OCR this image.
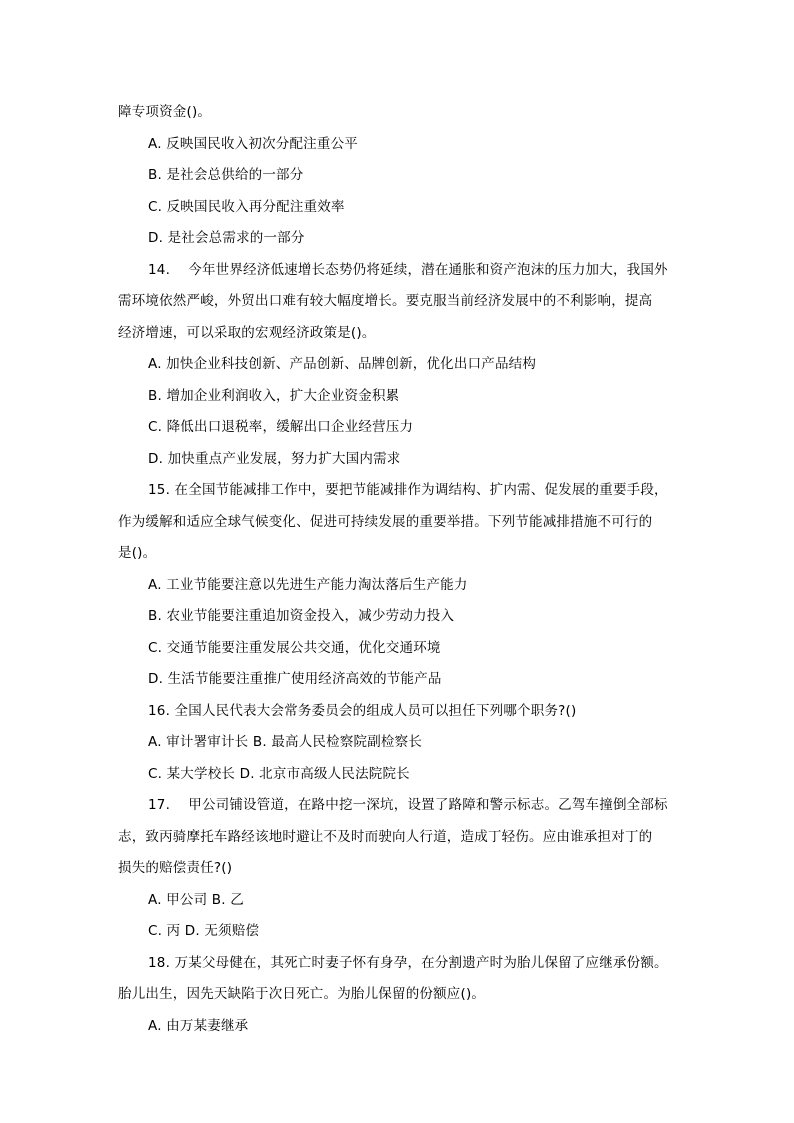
障专项资金()。
A. 反映国民收入初次分配注重公平
B. 是社会总供给的一部分
C. 反映国民收入再分配注重效率
D. 是社会总需求的一部分
14.　 今年世界经济低速增长态势仍将延续，潜在通胀和资产泡沫的压力加大，我国外
需环境依然严峻，外贸出口难有较大幅度增长。要克服当前经济发展中的不利影响，提高
经济增速，可以采取的宏观经济政策是()。
A. 加快企业科技创新、产品创新、品牌创新，优化出口产品结构
B. 增加企业利润收入，扩大企业资金积累
C. 降低出口退税率，缓解出口企业经营压力
D. 加快重点产业发展，努力扩大国内需求
15. 在全国节能减排工作中，要把节能减排作为调结构、扩内需、促发展的重要手段，
作为缓解和适应全球气候变化、促进可持续发展的重要举措。下列节能减排措施不可行的
是()。
A. 工业节能要注意以先进生产能力淘汰落后生产能力
B. 农业节能要注重追加资金投入，减少劳动力投入
C. 交通节能要注重发展公共交通，优化交通环境
D. 生活节能要注重推广使用经济高效的节能产品
16. 全国人民代表大会常务委员会的组成人员可以担任下列哪个职务?()
A. 审计署审计长 B. 最高人民检察院副检察长
C. 某大学校长 D. 北京市高级人民法院院长
17.　 甲公司铺设管道，在路中挖一深坑，设置了路障和警示标志。乙驾车撞倒全部标
志，致丙骑摩托车路经该地时避让不及时而驶向人行道，造成丁轻伤。应由谁承担对丁的
损失的赔偿责任?()
A. 甲公司 B. 乙
C. 丙 D. 无须赔偿
18. 万某父母健在，其死亡时妻子怀有身孕，在分割遗产时为胎儿保留了应继承份额。
胎儿出生，因先天缺陷于次日死亡。为胎儿保留的份额应()。
A. 由万某妻继承
